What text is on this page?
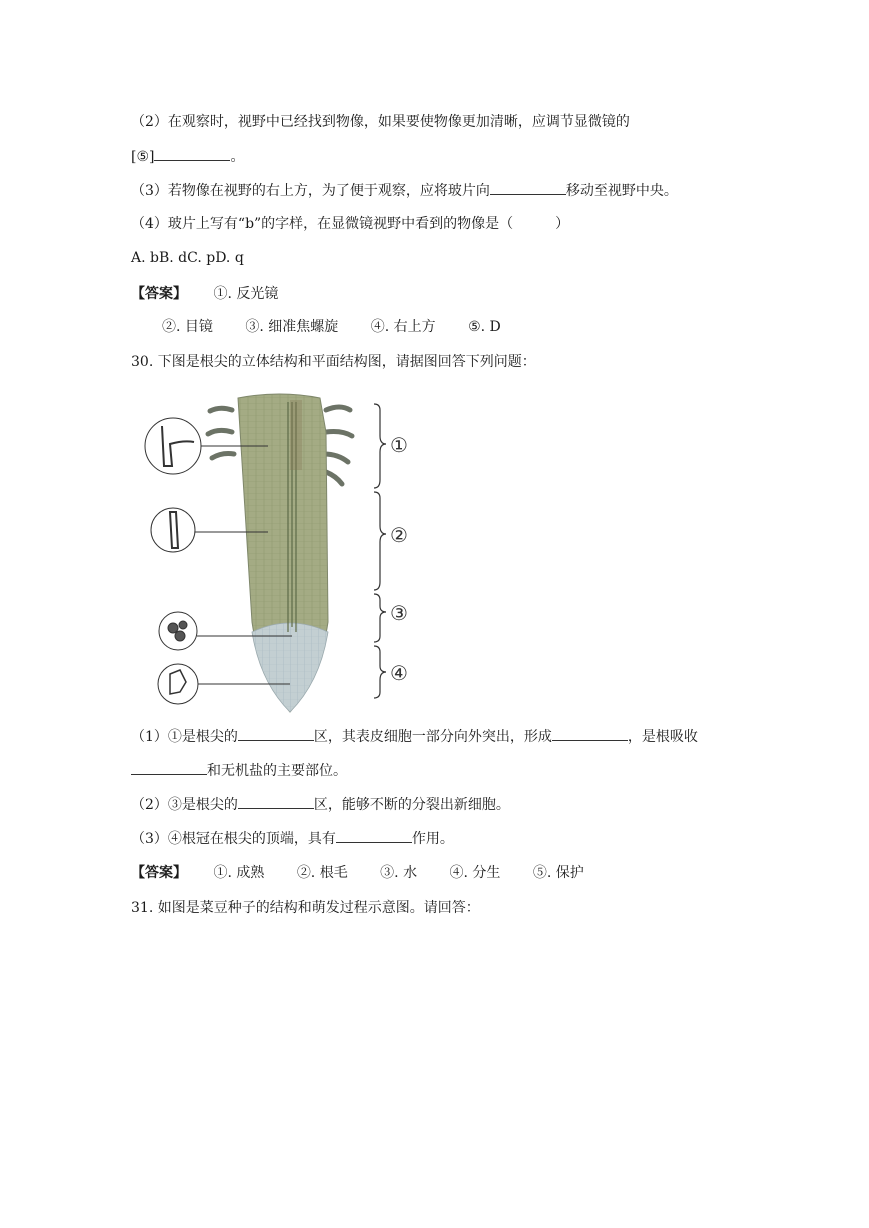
（2）在观察时，视野中已经找到物像，如果要使物像更加清晰，应调节显微镜的
[⑤]	。
（3）若物像在视野的右上方，为了便于观察，应将玻片向	移动至视野中央。
（4）玻片上写有“b”的字样，在显微镜视野中看到的物像是（　　　）
A. bB. dC. pD. q
【答案】 ①. 反光镜
②. 目镜 ③. 细准焦螺旋 ④. 右上方 ⑤. D
30. 下图是根尖的立体结构和平面结构图，请据图回答下列问题：
①
②
③
④
（1）①是根尖的	区，其表皮细胞一部分向外突出，形成	，是根吸收
和无机盐的主要部位。
（2）③是根尖的	区，能够不断的分裂出新细胞。
（3）④根冠在根尖的顶端，具有	作用。
【答案】 ①. 成熟 ②. 根毛 ③. 水 ④. 分生 ⑤. 保护
31. 如图是菜豆种子的结构和萌发过程示意图。请回答：
